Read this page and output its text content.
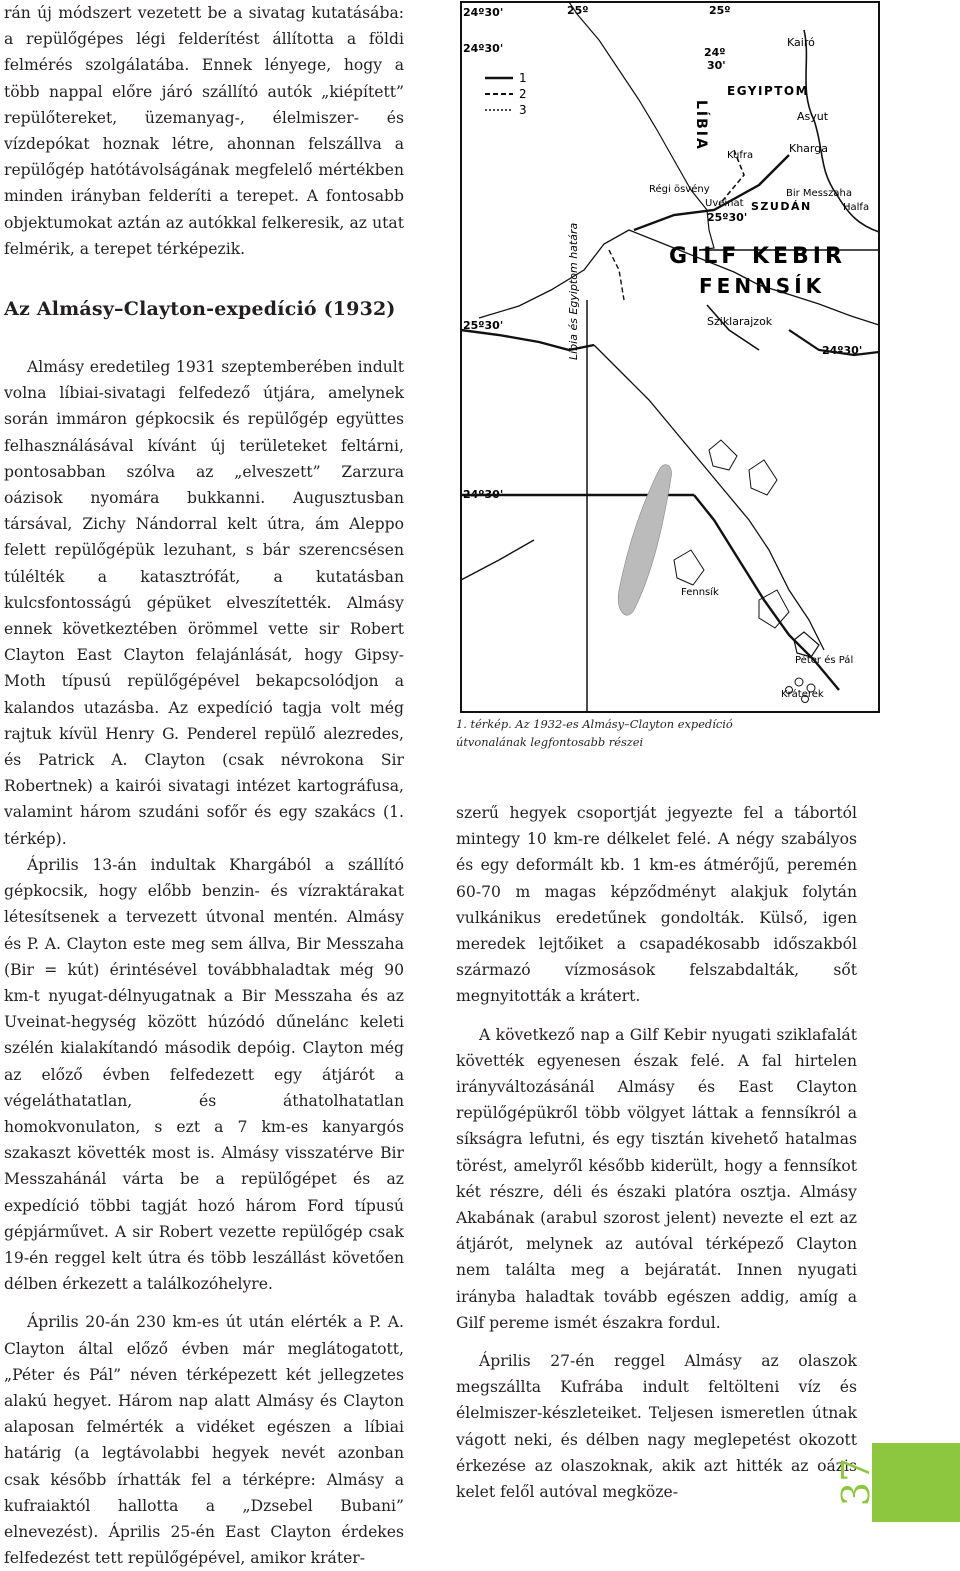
rán új módszert vezetett be a sivatag kutatásába: a repülőgépes légi felderítést állította a földi felmérés szolgálatába. Ennek lényege, hogy a több nappal előre járó szállító autók „kiépített” repülőtereket, üzemanyag-, élelmiszer- és vízdepókat hoznak létre, ahonnan felszállva a repülőgép hatótávolságának megfelelő mértékben minden irányban felderíti a terepet. A fontosabb objektumokat aztán az autókkal felkeresik, az utat felmérik, a terepet térképezik.

Az Almásy–Clayton-expedíció (1932)

Almásy eredetileg 1931 szeptemberében indult volna líbiai-sivatagi felfedező útjára, amelynek során immáron gépkocsik és repülőgép együttes felhasználásával kívánt új területeket feltárni, pontosabban szólva az „elveszett” Zarzura oázisok nyomára bukkanni. Augusztusban társával, Zichy Nándorral kelt útra, ám Aleppo felett repülőgépük lezuhant, s bár szerencsésen túlélték a katasztrófát, a kutatásban kulcsfontosságú gépüket elveszítették. Almásy ennek következtében örömmel vette sir Robert Clayton East Clayton felajánlását, hogy Gipsy-Moth típusú repülőgépével bekapcsolódjon a kalandos utazásba. Az expedíció tagja volt még rajtuk kívül Henry G. Penderel repülő alezredes, és Patrick A. Clayton (csak névrokona Sir Robertnek) a kairói sivatagi intézet kartográfusa, valamint három szudáni sofőr és egy szakács (1. térkép).

Április 13-án indultak Khargából a szállító gépkocsik, hogy előbb benzin- és vízraktárakat létesítsenek a tervezett útvonal mentén. Almásy és P. A. Clayton este meg sem állva, Bir Messzaha (Bir = kút) érintésével továbbhaladtak még 90 km-t nyugat-délnyugatnak a Bir Messzaha és az Uveinat-hegység között húzódó dűnelánc keleti szélén kialakítandó második depóig. Clayton még az előző évben felfedezett egy átjárót a végeláthatatlan, és áthatolhatatlan homokvonulaton, s ezt a 7 km-es kanyargós szakaszt követték most is. Almásy visszatérve Bir Messzahánál várta be a repülőgépet és az expedíció többi tagját hozó három Ford típusú gépjárművet. A sir Robert vezette repülőgép csak 19-én reggel kelt útra és több leszállást követően délben érkezett a találkozóhelyre.

Április 20-án 230 km-es út után elérték a P. A. Clayton által előző évben már meglátogatott, „Péter és Pál” néven térképezett két jellegzetes alakú hegyet. Három nap alatt Almásy és Clayton alaposan felmérték a vidéket egészen a líbiai határig (a legtávolabbi hegyek nevét azonban csak később írhatták fel a térképre: Almásy a kufraiaktól hallotta a „Dzsebel Bubani” elnevezést). Április 25-én East Clayton érdekes felfedezést tett repülőgépével, amikor kráter-

24º30'
24º30'
25º	25º
24º
30'
25º30'
25º30'
24º30'
24º30'
1
2
3	LÍBIA
Kairó
EGYIPTOM
Asyut
Kharga
Kufra
Régi ösvény	Bir Messzaha
Uveinat SZUDÁN	Halfa
GILF KEBIR
FENNSÍK
Sziklarajzok
Líbia és Egyiptom határa
Fennsík
Péter és Pál
Kráterek
1. térkép. Az 1932-es Almásy–Clayton expedíció
útvonalának legfontosabb részei

szerű hegyek csoportját jegyezte fel a tábortól mintegy 10 km-re délkelet felé. A négy szabályos és egy deformált kb. 1 km-es átmérőjű, peremén 60-70 m magas képződményt alakjuk folytán vulkánikus eredetűnek gondolták. Külső, igen meredek lejtőiket a csapadékosabb időszakból származó vízmosások felszabdalták, sőt megnyitották a krátert.

A következő nap a Gilf Kebir nyugati sziklafalát követték egyenesen észak felé. A fal hirtelen irányváltozásánál Almásy és East Clayton repülőgépükről több völgyet láttak a fennsíkról a síkságra lefutni, és egy tisztán kivehető hatalmas törést, amelyről később kiderült, hogy a fennsíkot két részre, déli és északi platóra osztja. Almásy Akabának (arabul szorost jelent) nevezte el ezt az átjárót, melynek az autóval térképező Clayton nem találta meg a bejáratát. Innen nyugati irányba haladtak tovább egészen addig, amíg a Gilf pereme ismét északra fordul.

Április 27-én reggel Almásy az olaszok megszállta Kufrába indult feltölteni víz és élelmiszer-készleteiket. Teljesen ismeretlen útnak vágott neki, és délben nagy meglepetést okozott érkezése az olaszoknak, akik azt hitték az oázis kelet felől autóval megköze-	37
